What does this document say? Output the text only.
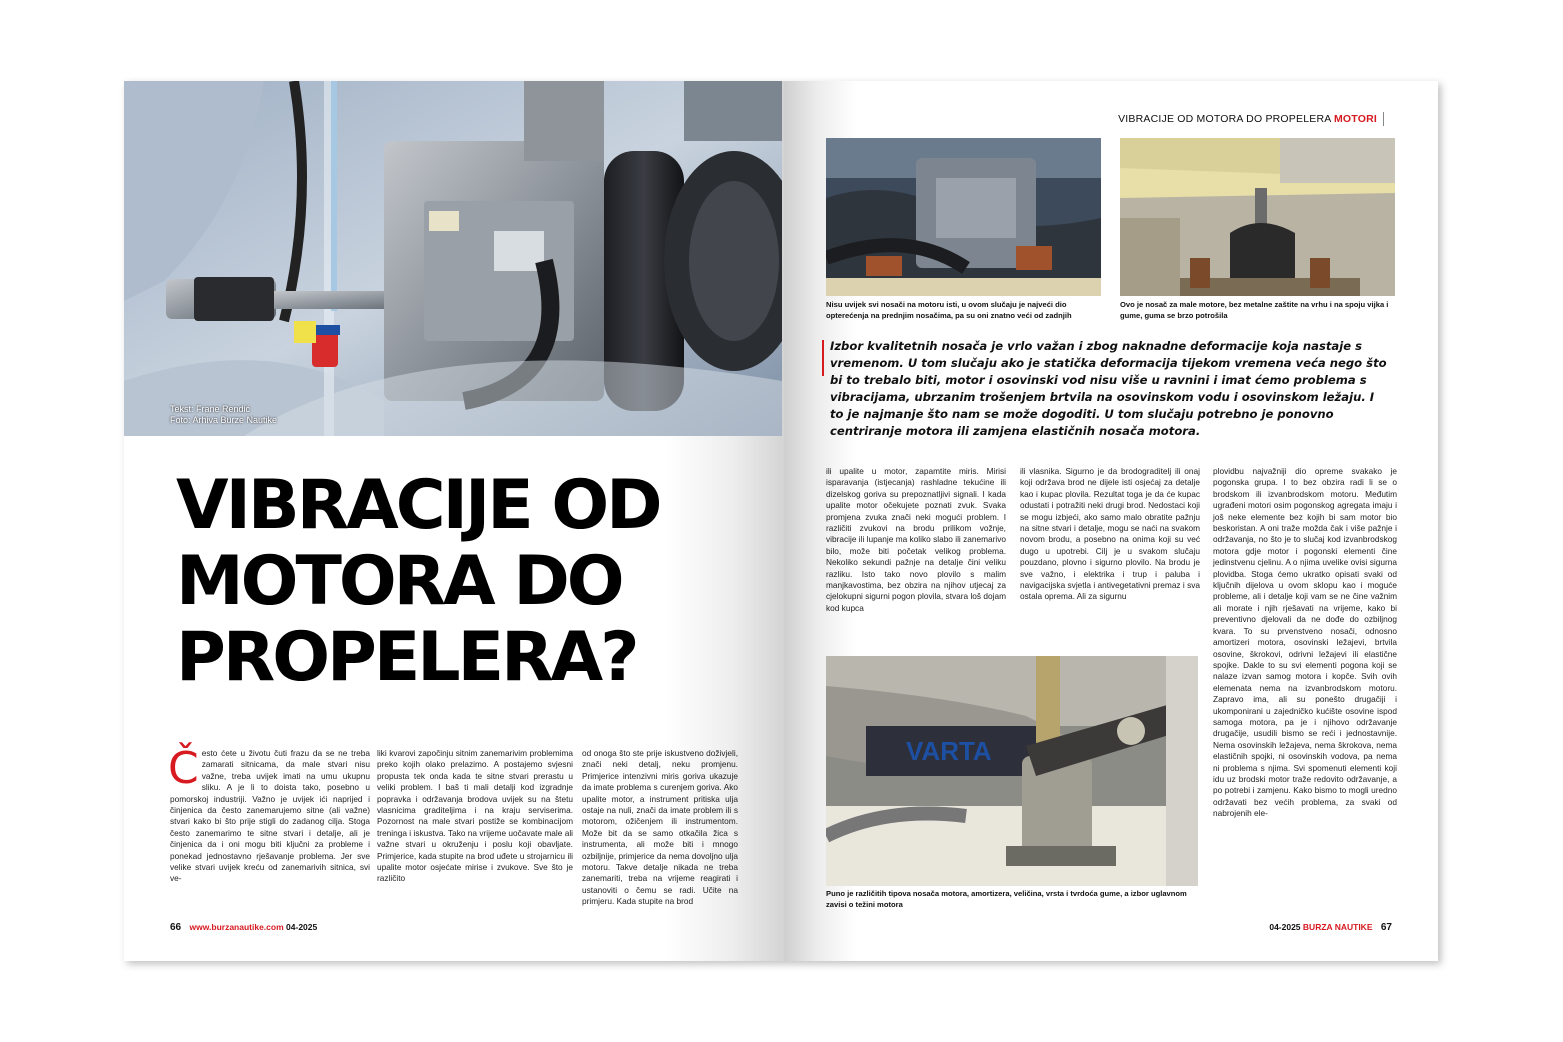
Tekst: Frane Rendić
Foto: Arhiva Burze Nautike
VIBRACIJE OD
MOTORA DO
PROPELERA?
Č esto ćete u životu čuti frazu da se ne treba zamarati sitnicama, da male stvari nisu važne, treba uvijek imati na umu ukupnu sliku. A je li to doista tako, posebno u pomorskoj industriji. Važno je uvijek ići naprijed i činjenica da često zanemarujemo sitne (ali važne) stvari kako bi što prije stigli do zadanog cilja. Stoga često zanemarimo te sitne stvari i detalje, ali je činjenica da i oni mogu biti ključni za probleme i ponekad jednostavno rješavanje problema. Jer sve velike stvari uvijek kreću od zanemarivih sitnica, svi ve-

liki kvarovi započinju sitnim zanemarivim problemima preko kojih olako prelazimo. A postajemo svjesni propusta tek onda kada te sitne stvari prerastu u veliki problem. I baš ti mali detalji kod izgradnje popravka i održavanja brodova uvijek su na štetu vlasnicima graditeljima i na kraju serviserima. Pozornost na male stvari postiže se kombinacijom treninga i iskustva. Tako na vrijeme uočavate male ali važne stvari u okruženju i poslu koji obavljate. Primjerice, kada stupite na brod uđete u strojarnicu ili upalite motor osjećate mirise i zvukove. Sve što je različito

od onoga što ste prije iskustveno doživjeli, znači neki detalj, neku promjenu. Primjerice intenzivni miris goriva ukazuje da imate problema s curenjem goriva. Ako upalite motor, a instrument pritiska ulja ostaje na nuli, znači da imate problem ili s motorom, ožičenjem ili instrumentom. Može bit da se samo otkačila žica s instrumenta, ali može biti i mnogo ozbiljnije, primjerice da nema dovoljno ulja motoru. Takve detalje nikada ne treba zanemariti, treba na vrijeme reagirati i ustanoviti o čemu se radi. Učite na primjeru. Kada stupite na brod

66 www.burzanautike.com 04-2025
VIBRACIJE OD MOTORA DO PROPELERA MOTORI
Nisu uvijek svi nosači na motoru isti, u ovom slučaju je najveći dio opterećenja na prednjim nosačima, pa su oni znatno veći od zadnjih
Ovo je nosač za male motore, bez metalne zaštite na vrhu i na spoju vijka i gume, guma se brzo potrošila
Izbor kvalitetnih nosača je vrlo važan i zbog naknadne deformacije koja nastaje s vremenom. U tom slučaju ako je statička deformacija tijekom vremena veća nego što bi to trebalo biti, motor i osovinski vod nisu više u ravnini i imat ćemo problema s vibracijama, ubrzanim trošenjem brtvila na osovinskom vodu i osovinskom ležaju. I to je najmanje što nam se može dogoditi. U tom slučaju potrebno je ponovno centriranje motora ili zamjena elastičnih nosača motora.

ili upalite u motor, zapamtite miris. Mirisi isparavanja (istjecanja) rashladne tekućine ili dizelskog goriva su prepoznatljivi signali. I kada upalite motor očekujete poznati zvuk. Svaka promjena zvuka znači neki mogući problem. I različiti zvukovi na brodu prilikom vožnje, vibracije ili lupanje ma koliko slabo ili zanemarivo bilo, može biti početak velikog problema. Nekoliko sekundi pažnje na detalje čini veliku razliku. Isto tako novo plovilo s malim manjkavostima, bez obzira na njihov utjecaj za cjelokupni sigurni pogon plovila, stvara loš dojam kod kupca

ili vlasnika. Sigurno je da brodograditelj ili onaj koji održava brod ne dijele isti osjećaj za detalje kao i kupac plovila. Rezultat toga je da će kupac odustati i potražiti neki drugi brod. Nedostaci koji se mogu izbjeći, ako samo malo obratite pažnju na sitne stvari i detalje, mogu se naći na svakom novom brodu, a posebno na onima koji su već dugo u upotrebi. Cilj je u svakom slučaju pouzdano, plovno i sigurno plovilo. Na brodu je sve važno, i elektrika i trup i paluba i navigacijska svjetla i antivegetativni premaz i sva ostala oprema. Ali za sigurnu

plovidbu najvažniji dio opreme svakako je pogonska grupa. I to bez obzira radi li se o brodskom ili izvanbrodskom motoru. Međutim ugrađeni motori osim pogonskog agregata imaju i još neke elemente bez kojih bi sam motor bio beskoristan. A oni traže možda čak i više pažnje i održavanja, no što je to slučaj kod izvanbrodskog motora gdje motor i pogonski elementi čine jedinstvenu cjelinu. A o njima uvelike ovisi sigurna plovidba. Stoga ćemo ukratko opisati svaki od ključnih dijelova u ovom sklopu kao i moguće probleme, ali i detalje koji vam se ne čine važnim ali morate i njih rješavati na vrijeme, kako bi preventivno djelovali da ne dođe do ozbiljnog kvara. To su prvenstveno nosači, odnosno amortizeri motora, osovinski ležajevi, brtvila osovine, škrokovi, odrivni ležajevi ili elastične spojke. Dakle to su svi elementi pogona koji se nalaze izvan samog motora i kopče. Svih ovih elemenata nema na izvanbrodskom motoru. Zapravo ima, ali su ponešto drugačiji i ukomponirani u zajedničko kućište osovine ispod samoga motora, pa je i njihovo održavanje drugačije, usudili bismo se reći i jednostavnije. Nema osovinskih ležajeva, nema škrokova, nema elastičnih spojki, ni osovinskih vodova, pa nema ni problema s njima. Svi spomenuti elementi koji idu uz brodski motor traže redovito održavanje, a po potrebi i zamjenu. Kako bismo to mogli uredno održavati bez većih problema, za svaki od nabrojenih ele-

VARTA
Puno je različitih tipova nosača motora, amortizera, veličina, vrsta i tvrdoća gume, a izbor uglavnom zavisi o težini motora
04-2025 BURZA NAUTIKE 67
